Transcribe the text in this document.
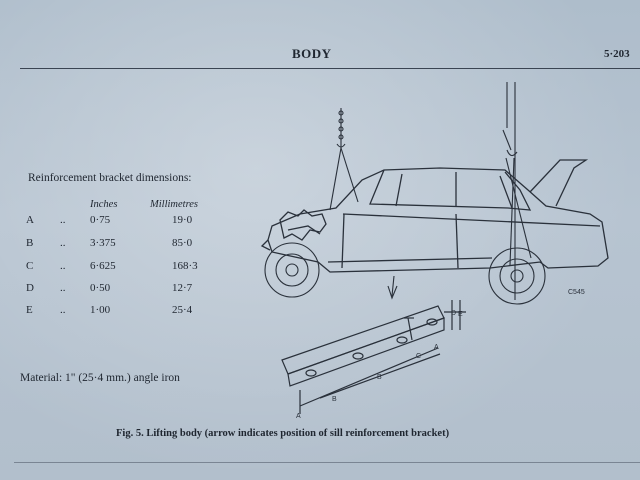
BODY	5·203
Reinforcement bracket dimensions:
Inches	Millimetres
A .. 0·75	19·0
B .. 3·375	85·0
C .. 6·625	168·3
D .. 0·50	12·7
E .. 1·00	25·4
Material: 1" (25·4 mm.) angle iron
C545
A
B
B
C
A
D E
Fig. 5. Lifting body (arrow indicates position of sill reinforcement bracket)
